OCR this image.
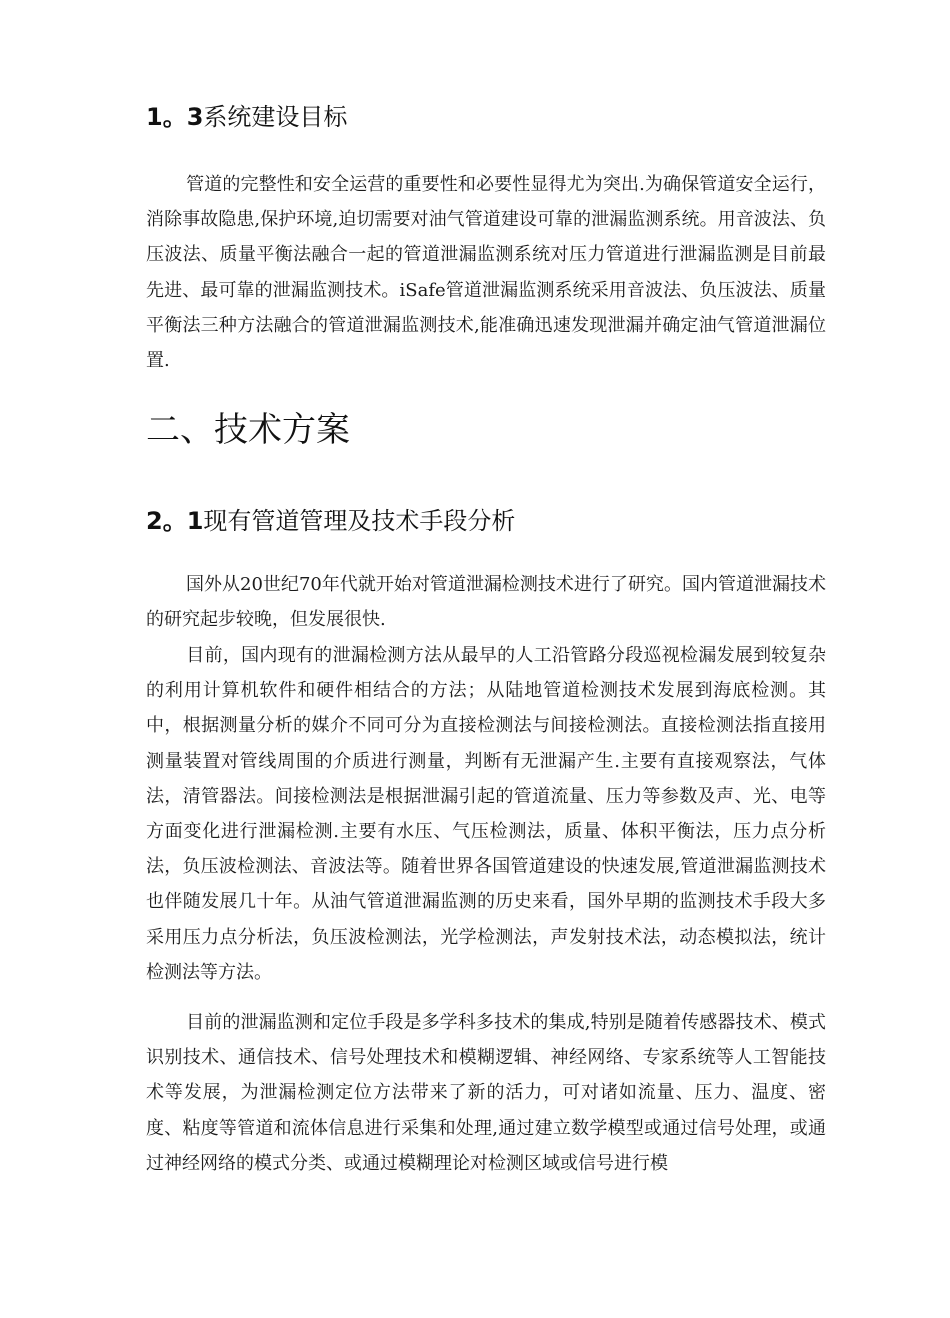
1。3系统建设目标
管道的完整性和安全运营的重要性和必要性显得尤为突出.为确保管道安全运行，消除事故隐患,保护环境,迫切需要对油气管道建设可靠的泄漏监测系统。用音波法、负压波法、质量平衡法融合一起的管道泄漏监测系统对压力管道进行泄漏监测是目前最先进、最可靠的泄漏监测技术。iSafe管道泄漏监测系统采用音波法、负压波法、质量平衡法三种方法融合的管道泄漏监测技术,能准确迅速发现泄漏并确定油气管道泄漏位置.
二、技术方案
2。1现有管道管理及技术手段分析
国外从20世纪70年代就开始对管道泄漏检测技术进行了研究。国内管道泄漏技术的研究起步较晚，但发展很快.
目前，国内现有的泄漏检测方法从最早的人工沿管路分段巡视检漏发展到较复杂的利用计算机软件和硬件相结合的方法；从陆地管道检测技术发展到海底检测。其中，根据测量分析的媒介不同可分为直接检测法与间接检测法。直接检测法指直接用测量装置对管线周围的介质进行测量，判断有无泄漏产生.主要有直接观察法，气体法，清管器法。间接检测法是根据泄漏引起的管道流量、压力等参数及声、光、电等方面变化进行泄漏检测.主要有水压、气压检测法，质量、体积平衡法，压力点分析法，负压波检测法、音波法等。随着世界各国管道建设的快速发展,管道泄漏监测技术也伴随发展几十年。从油气管道泄漏监测的历史来看，国外早期的监测技术手段大多采用压力点分析法，负压波检测法，光学检测法，声发射技术法，动态模拟法，统计检测法等方法。
目前的泄漏监测和定位手段是多学科多技术的集成,特别是随着传感器技术、模式识别技术、通信技术、信号处理技术和模糊逻辑、神经网络、专家系统等人工智能技术等发展，为泄漏检测定位方法带来了新的活力，可对诸如流量、压力、温度、密度、粘度等管道和流体信息进行采集和处理,通过建立数学模型或通过信号处理，或通过神经网络的模式分类、或通过模糊理论对检测区域或信号进行模
